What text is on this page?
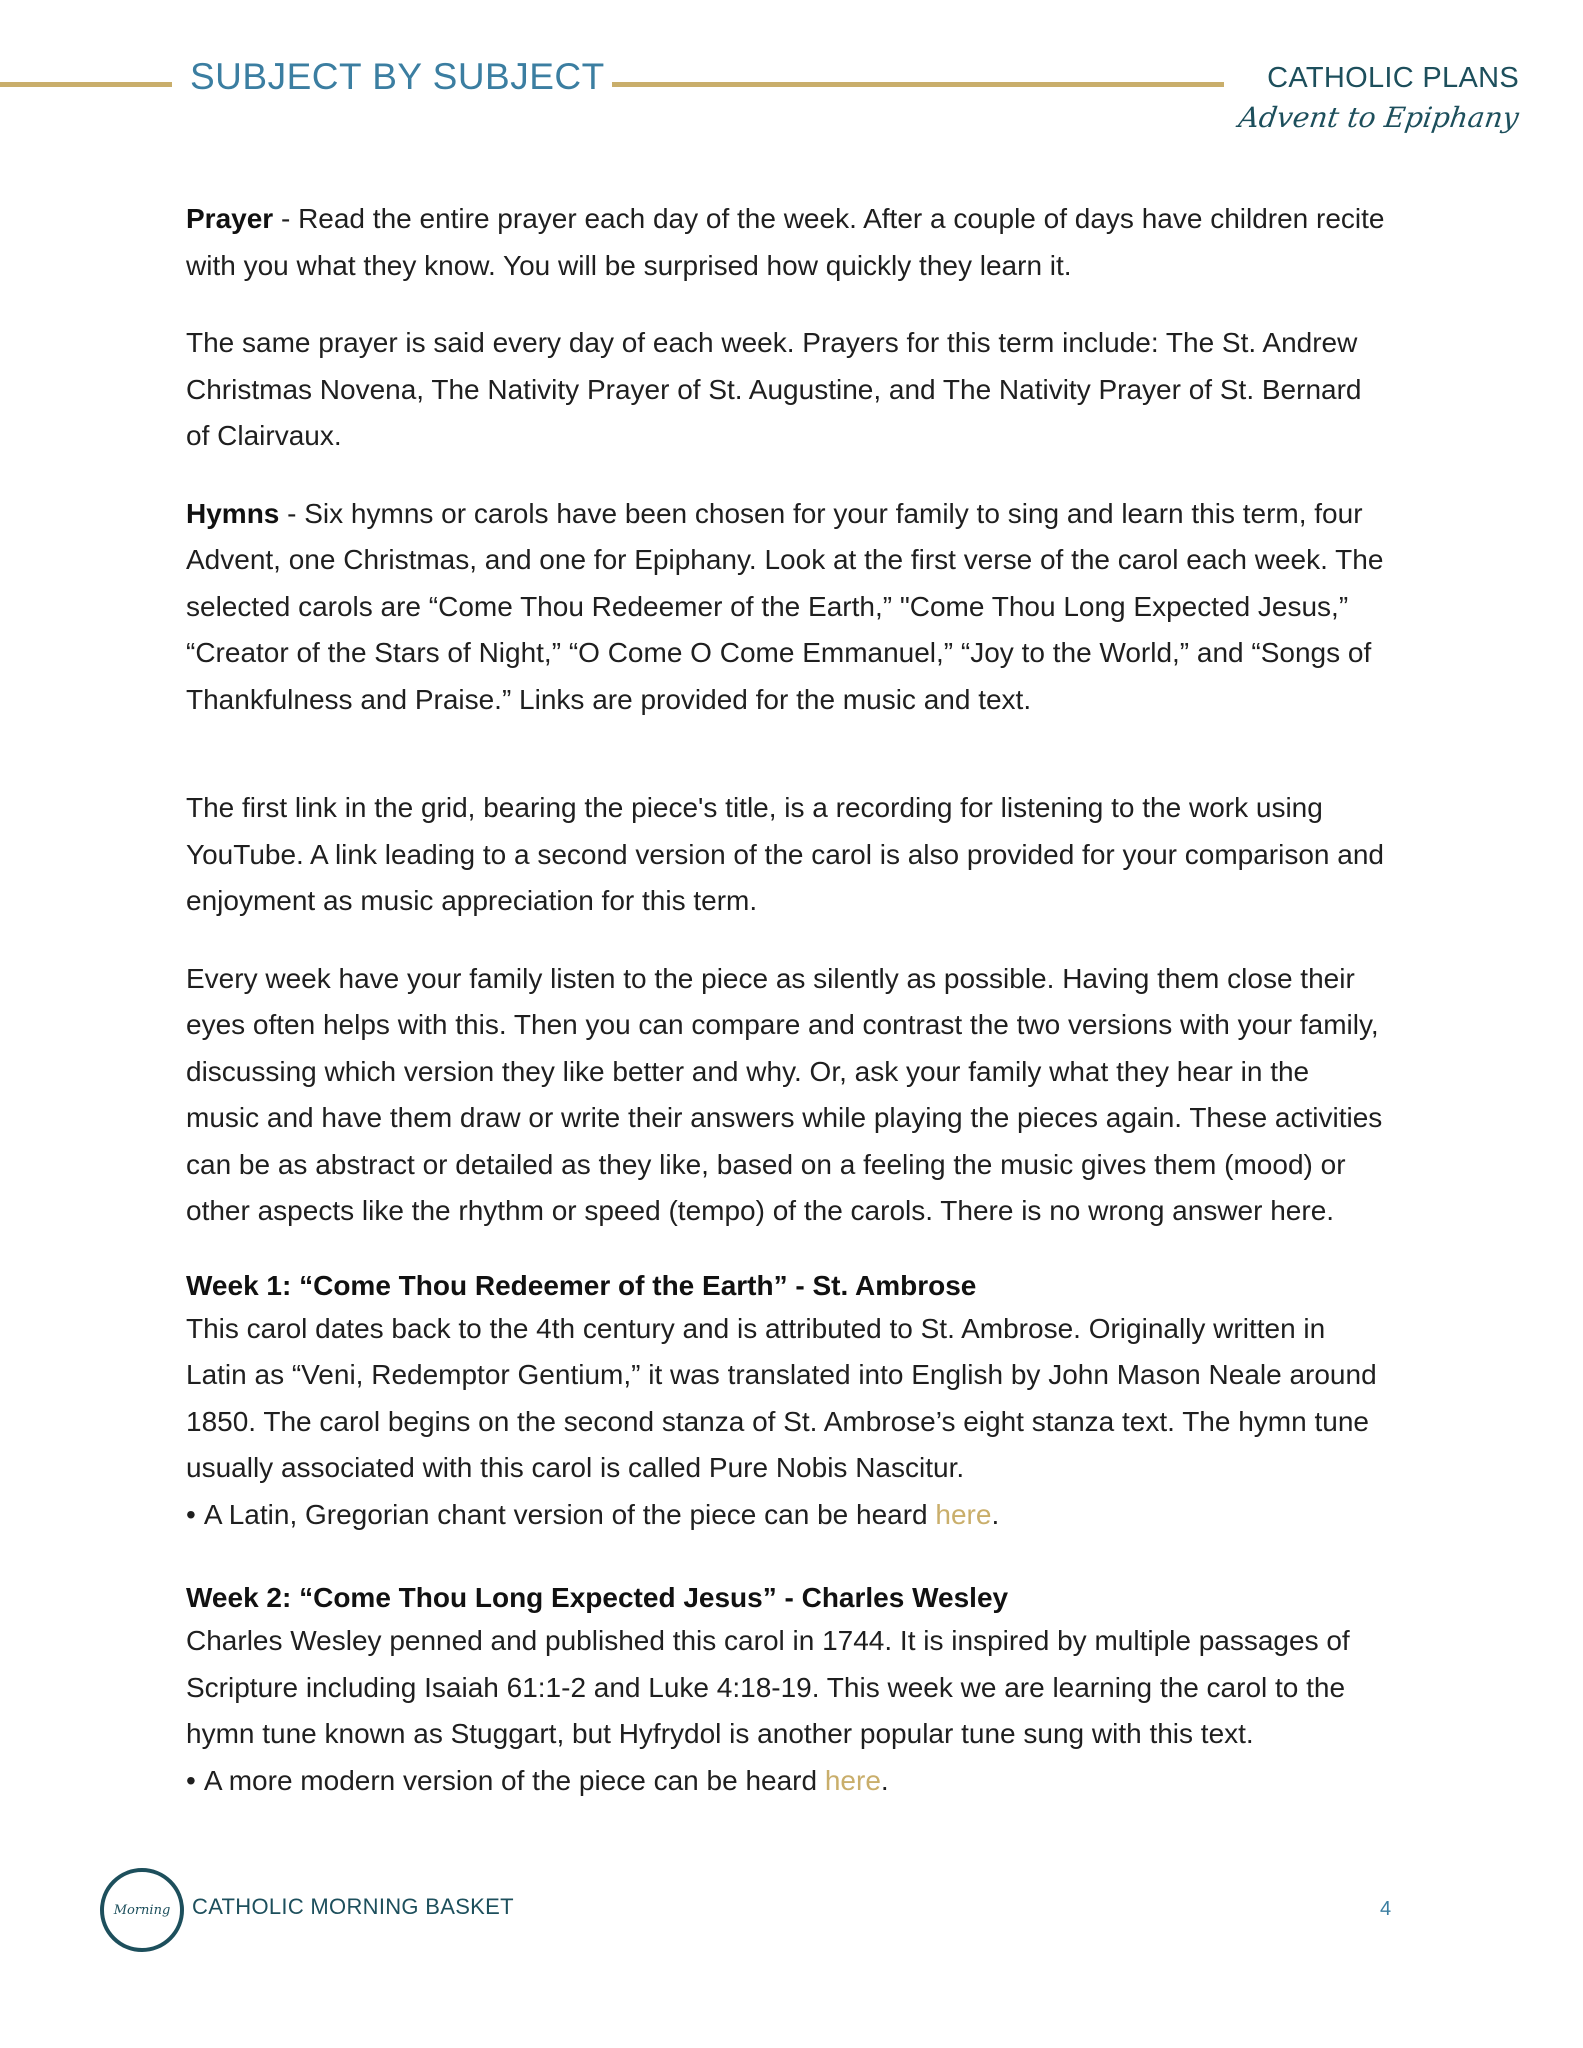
SUBJECT BY SUBJECT	CATHOLIC PLANS
Advent to Epiphany

Prayer - Read the entire prayer each day of the week. After a couple of days have children recite with you what they know. You will be surprised how quickly they learn it.

The same prayer is said every day of each week. Prayers for this term include: The St. Andrew Christmas Novena, The Nativity Prayer of St. Augustine, and The Nativity Prayer of St. Bernard of Clairvaux.

Hymns - Six hymns or carols have been chosen for your family to sing and learn this term, four Advent, one Christmas, and one for Epiphany. Look at the first verse of the carol each week. The selected carols are “Come Thou Redeemer of the Earth,” "Come Thou Long Expected Jesus,” “Creator of the Stars of Night,” “O Come O Come Emmanuel,” “Joy to the World,” and “Songs of Thankfulness and Praise.” Links are provided for the music and text.

The first link in the grid, bearing the piece's title, is a recording for listening to the work using YouTube. A link leading to a second version of the carol is also provided for your comparison and enjoyment as music appreciation for this term.

Every week have your family listen to the piece as silently as possible. Having them close their eyes often helps with this. Then you can compare and contrast the two versions with your family, discussing which version they like better and why. Or, ask your family what they hear in the music and have them draw or write their answers while playing the pieces again. These activities can be as abstract or detailed as they like, based on a feeling the music gives them (mood) or other aspects like the rhythm or speed (tempo) of the carols. There is no wrong answer here.

Week 1: “Come Thou Redeemer of the Earth” - St. Ambrose

This carol dates back to the 4th century and is attributed to St. Ambrose. Originally written in Latin as “Veni, Redemptor Gentium,” it was translated into English by John Mason Neale around 1850. The carol begins on the second stanza of St. Ambrose’s eight stanza text. The hymn tune usually associated with this carol is called Pure Nobis Nascitur.

• A Latin, Gregorian chant version of the piece can be heard here.
Week 2: “Come Thou Long Expected Jesus” - Charles Wesley

Charles Wesley penned and published this carol in 1744. It is inspired by multiple passages of Scripture including Isaiah 61:1-2 and Luke 4:18-19. This week we are learning the carol to the hymn tune known as Stuggart, but Hyfrydol is another popular tune sung with this text.

• A more modern version of the piece can be heard here.
Morning CATHOLIC MORNING BASKET	4
